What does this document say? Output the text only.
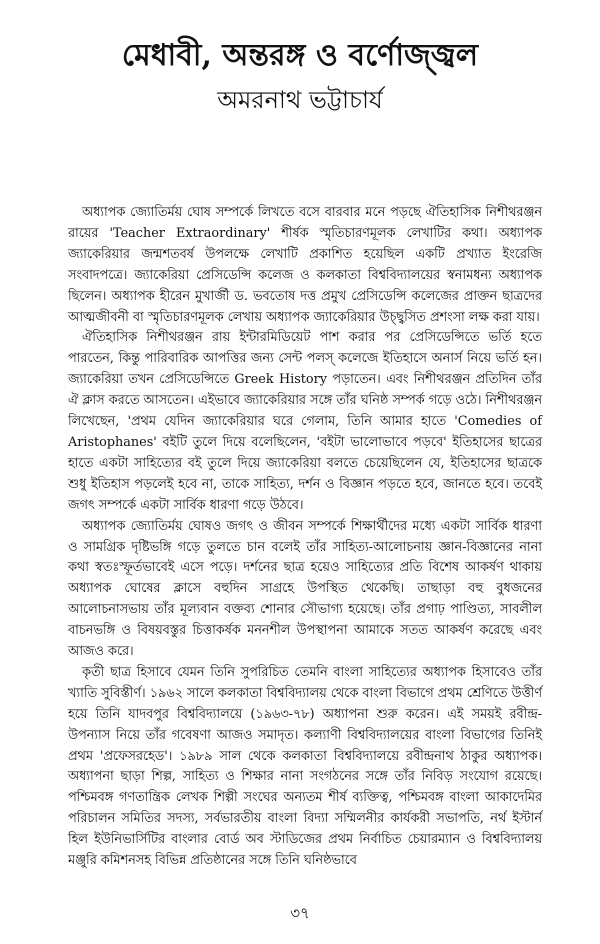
মেধাবী, অন্তরঙ্গ ও বর্ণোজ্জ্বল
অমরনাথ ভট্টাচার্য

অধ্যাপক জ্যোতির্ময় ঘোষ সম্পর্কে লিখতে বসে বারবার মনে পড়ছে ঐতিহাসিক নিশীথরঞ্জন রায়ের 'Teacher Extraordinary' শীর্ষক স্মৃতিচারণমূলক লেখাটির কথা। অধ্যাপক জ্যাকেরিয়ার জন্মশতবর্ষ উপলক্ষে লেখাটি প্রকাশিত হয়েছিল একটি প্রখ্যাত ইংরেজি সংবাদপত্রে। জ্যাকেরিয়া প্রেসিডেন্সি কলেজ ও কলকাতা বিশ্ববিদ্যালয়ের স্বনামধন্য অধ্যাপক ছিলেন। অধ্যাপক হীরেন মুখার্জী ড. ভবতোষ দত্ত প্রমুখ প্রেসিডেন্সি কলেজের প্রাক্তন ছাত্রদের আত্মজীবনী বা স্মৃতিচারণমূলক লেখায় অধ্যাপক জ্যাকেরিয়ার উচ্ছ্বসিত প্রশংসা লক্ষ করা যায়।

ঐতিহাসিক নিশীথরঞ্জন রায় ইন্টারমিডিয়েট পাশ করার পর প্রেসিডেন্সিতে ভর্তি হতে পারতেন, কিন্তু পারিবারিক আপত্তির জন্য সেন্ট পলস্ কলেজে ইতিহাসে অনার্স নিয়ে ভর্তি হন। জ্যাকেরিয়া তখন প্রেসিডেন্সিতে Greek History পড়াতেন। এবং নিশীথরঞ্জন প্রতিদিন তাঁর ঐ ক্লাস করতে আসতেন। এইভাবে জ্যাকেরিয়ার সঙ্গে তাঁর ঘনিষ্ঠ সম্পর্ক গড়ে ওঠে। নিশীথরঞ্জন লিখেছেন, 'প্রথম যেদিন জ্যাকেরিয়ার ঘরে গেলাম, তিনি আমার হাতে 'Comedies of Aristophanes' বইটি তুলে দিয়ে বলেছিলেন, 'বইটা ভালোভাবে পড়বে' ইতিহাসের ছাত্রের হাতে একটা সাহিত্যের বই তুলে দিয়ে জ্যাকেরিয়া বলতে চেয়েছিলেন যে, ইতিহাসের ছাত্রকে শুধু ইতিহাস পড়লেই হবে না, তাকে সাহিত্য, দর্শন ও বিজ্ঞান পড়তে হবে, জানতে হবে। তবেই জগৎ সম্পর্কে একটা সার্বিক ধারণা গড়ে উঠবে।

অধ্যাপক জ্যোতির্ময় ঘোষও জগৎ ও জীবন সম্পর্কে শিক্ষার্থীদের মধ্যে একটা সার্বিক ধারণা ও সামগ্রিক দৃষ্টিভঙ্গি গড়ে তুলতে চান বলেই তাঁর সাহিত্য-আলোচনায় জ্ঞান-বিজ্ঞানের নানা কথা স্বতঃস্ফূর্তভাবেই এসে পড়ে। দর্শনের ছাত্র হয়েও সাহিত্যের প্রতি বিশেষ আকর্ষণ থাকায় অধ্যাপক ঘোষের ক্লাসে বহুদিন সাগ্রহে উপস্থিত থেকেছি। তাছাড়া বহু বুধজনের আলোচনাসভায় তাঁর মূল্যবান বক্তব্য শোনার সৌভাগ্য হয়েছে। তাঁর প্রগাঢ় পাণ্ডিত্য, সাবলীল বাচনভঙ্গি ও বিষয়বস্তুর চিত্তাকর্ষক মননশীল উপস্থাপনা আমাকে সতত আকর্ষণ করেছে এবং আজও করে।

কৃতী ছাত্র হিসাবে যেমন তিনি সুপরিচিত তেমনি বাংলা সাহিত্যের অধ্যাপক হিসাবেও তাঁর খ্যাতি সুবিস্তীর্ণ। ১৯৬২ সালে কলকাতা বিশ্ববিদ্যালয় থেকে বাংলা বিভাগে প্রথম শ্রেণিতে উত্তীর্ণ হয়ে তিনি যাদবপুর বিশ্ববিদ্যালয়ে (১৯৬৩-৭৮) অধ্যাপনা শুরু করেন। এই সময়ই রবীন্দ্র-উপন্যাস নিয়ে তাঁর গবেষণা আজও সমাদৃত। কল্যাণী বিশ্ববিদ্যালয়ের বাংলা বিভাগের তিনিই প্রথম 'প্রফেসরহেড'। ১৯৮৯ সাল থেকে কলকাতা বিশ্ববিদ্যালয়ে রবীন্দ্রনাথ ঠাকুর অধ্যাপক। অধ্যাপনা ছাড়া শিল্প, সাহিত্য ও শিক্ষার নানা সংগঠনের সঙ্গে তাঁর নিবিড় সংযোগ রয়েছে। পশ্চিমবঙ্গ গণতান্ত্রিক লেখক শিল্পী সংঘের অন্যতম শীর্ষ ব্যক্তিত্ব, পশ্চিমবঙ্গ বাংলা আকাদেমির পরিচালন সমিতির সদস্য, সর্বভারতীয় বাংলা বিদ্যা সম্মিলনীর কার্যকরী সভাপতি, নর্থ ইস্টার্ন হিল ইউনিভার্সিটির বাংলার বোর্ড অব স্টাডিজের প্রথম নির্বাচিত চেয়ারম্যান ও বিশ্ববিদ্যালয় মঞ্জুরি কমিশনসহ বিভিন্ন প্রতিষ্ঠানের সঙ্গে তিনি ঘনিষ্ঠভাবে

৩৭
